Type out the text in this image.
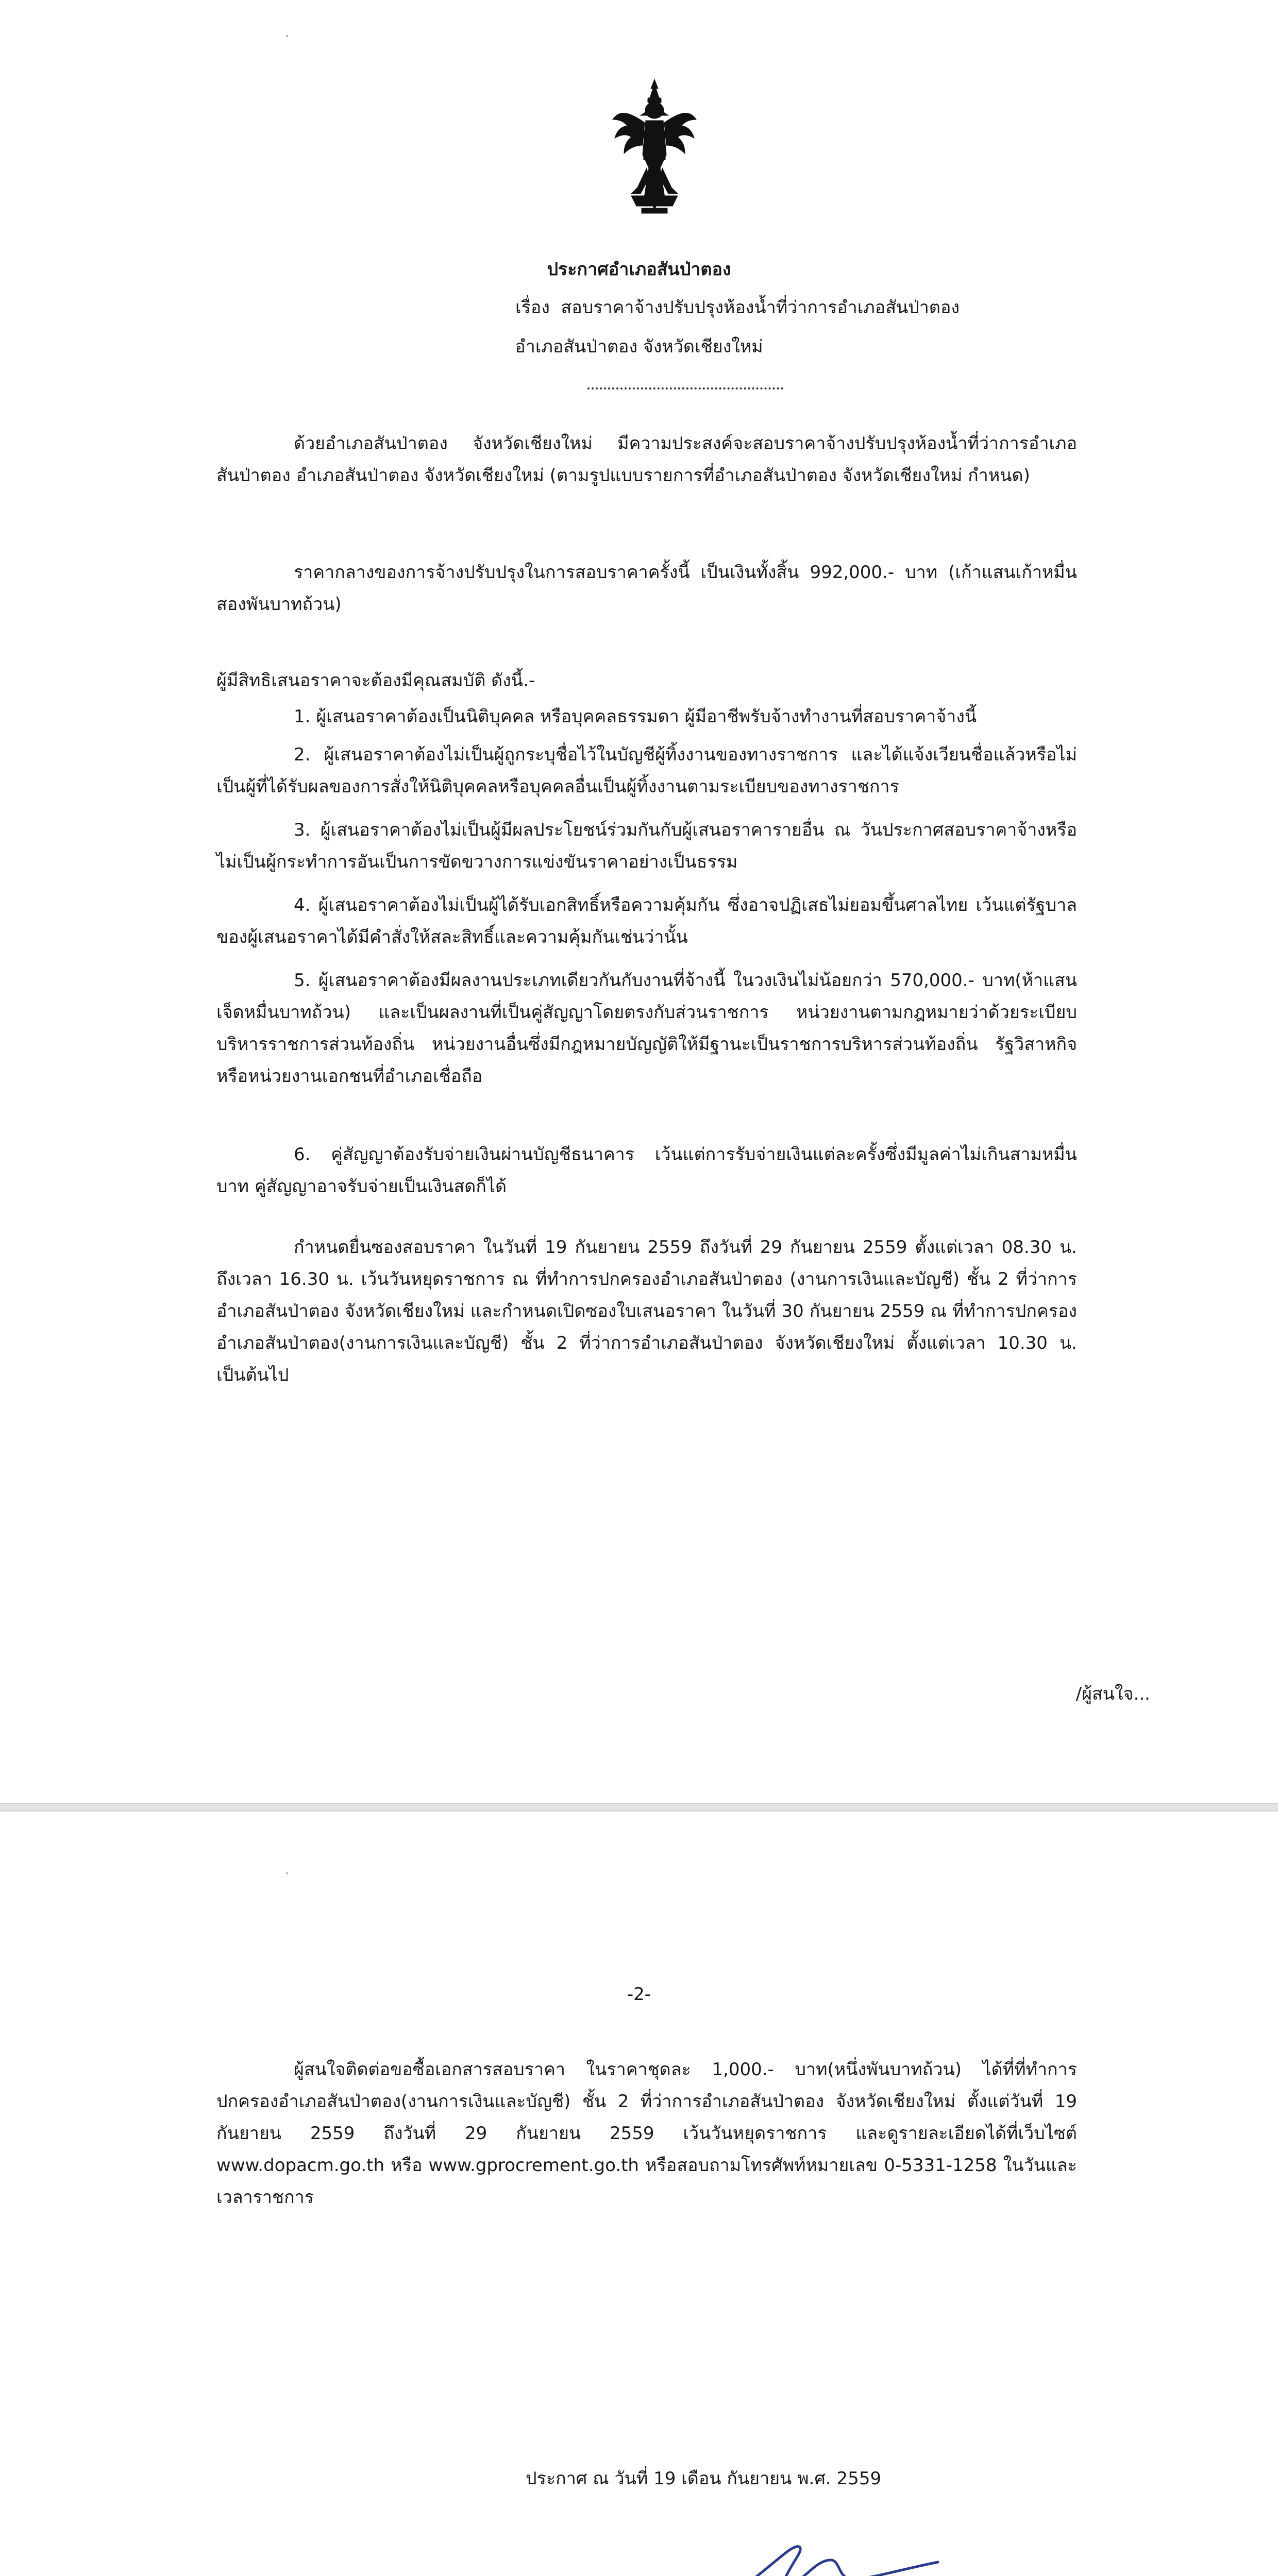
ประกาศอำเภอสันป่าตอง
เรื่อง สอบราคาจ้างปรับปรุงห้องน้ำที่ว่าการอำเภอสันป่าตอง
อำเภอสันป่าตอง จังหวัดเชียงใหม่

ด้วยอำเภอสันป่าตอง จังหวัดเชียงใหม่ มีความประสงค์จะสอบราคาจ้างปรับปรุงห้องน้ำที่ว่าการอำเภอสันป่าตอง อำเภอสันป่าตอง จังหวัดเชียงใหม่ (ตามรูปแบบรายการที่อำเภอสันป่าตอง จังหวัดเชียงใหม่ กำหนด)

ราคากลางของการจ้างปรับปรุงในการสอบราคาครั้งนี้ เป็นเงินทั้งสิ้น 992,000.- บาท (เก้าแสนเก้าหมื่นสองพันบาทถ้วน)

ผู้มีสิทธิเสนอราคาจะต้องมีคุณสมบัติ ดังนี้.-

1. ผู้เสนอราคาต้องเป็นนิติบุคคล หรือบุคคลธรรมดา ผู้มีอาชีพรับจ้างทำงานที่สอบราคาจ้างนี้

2. ผู้เสนอราคาต้องไม่เป็นผู้ถูกระบุชื่อไว้ในบัญชีผู้ทิ้งงานของทางราชการ และได้แจ้งเวียนชื่อแล้วหรือไม่เป็นผู้ที่ได้รับผลของการสั่งให้นิติบุคคลหรือบุคคลอื่นเป็นผู้ทิ้งงานตามระเบียบของทางราชการ

3. ผู้เสนอราคาต้องไม่เป็นผู้มีผลประโยชน์ร่วมกันกับผู้เสนอราคารายอื่น ณ วันประกาศสอบราคาจ้างหรือไม่เป็นผู้กระทำการอันเป็นการขัดขวางการแข่งขันราคาอย่างเป็นธรรม

4. ผู้เสนอราคาต้องไม่เป็นผู้ได้รับเอกสิทธิ์หรือความคุ้มกัน ซึ่งอาจปฏิเสธไม่ยอมขึ้นศาลไทย เว้นแต่รัฐบาลของผู้เสนอราคาได้มีคำสั่งให้สละสิทธิ์และความคุ้มกันเช่นว่านั้น

5. ผู้เสนอราคาต้องมีผลงานประเภทเดียวกันกับงานที่จ้างนี้ ในวงเงินไม่น้อยกว่า 570,000.- บาท(ห้าแสนเจ็ดหมื่นบาทถ้วน) และเป็นผลงานที่เป็นคู่สัญญาโดยตรงกับส่วนราชการ หน่วยงานตามกฎหมายว่าด้วยระเบียบบริหารราชการส่วนท้องถิ่น หน่วยงานอื่นซึ่งมีกฎหมายบัญญัติให้มีฐานะเป็นราชการบริหารส่วนท้องถิ่น รัฐวิสาหกิจ หรือหน่วยงานเอกชนที่อำเภอเชื่อถือ

6. คู่สัญญาต้องรับจ่ายเงินผ่านบัญชีธนาคาร เว้นแต่การรับจ่ายเงินแต่ละครั้งซึ่งมีมูลค่าไม่เกินสามหมื่นบาท คู่สัญญาอาจรับจ่ายเป็นเงินสดก็ได้

กำหนดยื่นซองสอบราคา ในวันที่ 19 กันยายน 2559 ถึงวันที่ 29 กันยายน 2559 ตั้งแต่เวลา 08.30 น. ถึงเวลา 16.30 น. เว้นวันหยุดราชการ ณ ที่ทำการปกครองอำเภอสันป่าตอง (งานการเงินและบัญชี) ชั้น 2 ที่ว่าการอำเภอสันป่าตอง จังหวัดเชียงใหม่ และกำหนดเปิดซองใบเสนอราคา ในวันที่ 30 กันยายน 2559 ณ ที่ทำการปกครองอำเภอสันป่าตอง(งานการเงินและบัญชี) ชั้น 2 ที่ว่าการอำเภอสันป่าตอง จังหวัดเชียงใหม่ ตั้งแต่เวลา 10.30 น. เป็นต้นไป

/ผู้สนใจ...
-2-

ผู้สนใจติดต่อขอซื้อเอกสารสอบราคา ในราคาชุดละ 1,000.- บาท(หนึ่งพันบาทถ้วน) ได้ที่ที่ทำการปกครองอำเภอสันป่าตอง(งานการเงินและบัญชี) ชั้น 2 ที่ว่าการอำเภอสันป่าตอง จังหวัดเชียงใหม่ ตั้งแต่วันที่ 19 กันยายน 2559 ถึงวันที่ 29 กันยายน 2559 เว้นวันหยุดราชการ และดูรายละเอียดได้ที่เว็บไซต์ www.dopacm.go.th หรือ www.gprocrement.go.th หรือสอบถามโทรศัพท์หมายเลข 0-5331-1258 ในวันและเวลาราชการ

ประกาศ ณ วันที่ 19 เดือน กันยายน พ.ศ. 2559
